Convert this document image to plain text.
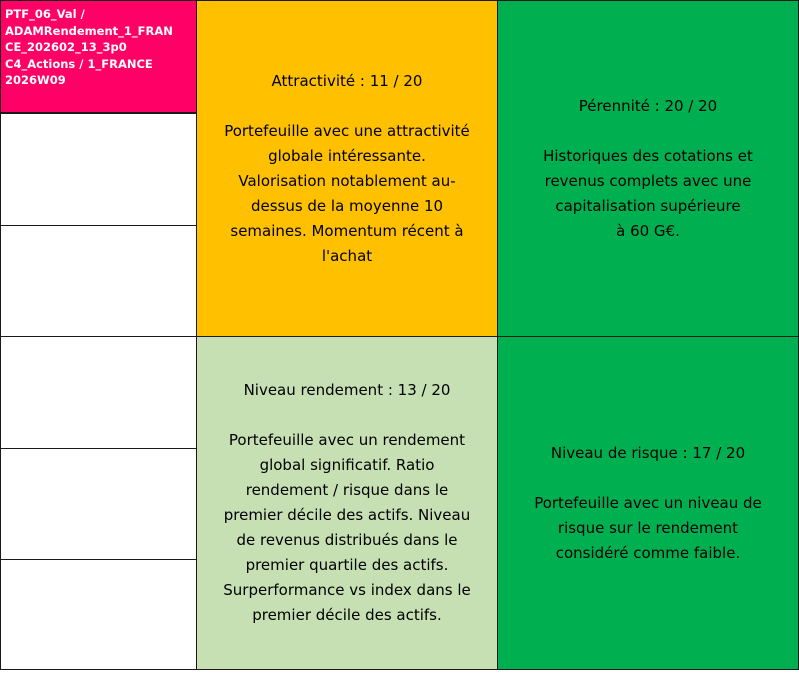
PTF_06_Val /
ADAMRendement_1_FRAN
CE_202602_13_3p0
C4_Actions / 1_FRANCE
2026W09	Attractivité : 11 / 20
Portefeuille avec une attractivité
globale intéressante.
Valorisation notablement au-
dessus de la moyenne 10
semaines. Momentum récent à
l'achat
Pérennité : 20 / 20
Historiques des cotations et
revenus complets avec une
capitalisation supérieure
à 60 G€.
Niveau rendement : 13 / 20
Portefeuille avec un rendement
global significatif. Ratio
rendement / risque dans le
premier décile des actifs. Niveau
de revenus distribués dans le
premier quartile des actifs.
Surperformance vs index dans le
premier décile des actifs.
Niveau de risque : 17 / 20
Portefeuille avec un niveau de
risque sur le rendement
considéré comme faible.
